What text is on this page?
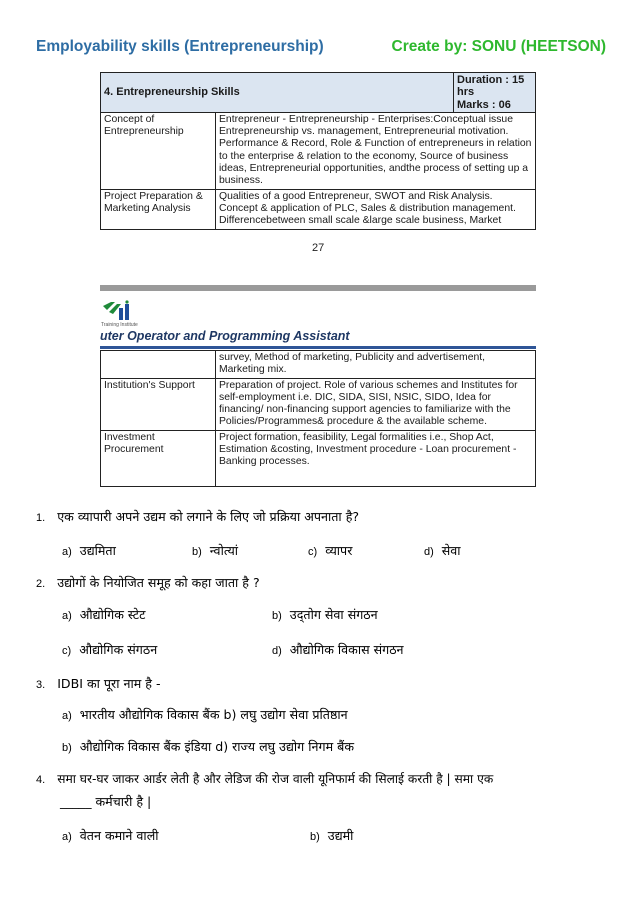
Employability skills (Entrepreneurship)	Create by: SONU (HEETSON)
4. Entrepreneurship Skills		Duration : 15 hrs
Marks : 06

Concept of Entrepreneurship	Entrepreneur - Entrepreneurship - Enterprises:Conceptual issue Entrepreneurship vs. management, Entrepreneurial motivation. Performance & Record, Role & Function of entrepreneurs in relation to the enterprise & relation to the economy, Source of business ideas, Entrepreneurial opportunities, andthe process of setting up a business.	
Project Preparation & Marketing Analysis	Qualities of a good Entrepreneur, SWOT and Risk Analysis. Concept & application of PLC, Sales & distribution management. Differencebetween small scale &large scale business, Market	
27
Training Institute
uter Operator and Programming Assistant
	survey, Method of marketing, Publicity and advertisement, Marketing mix.
Institution's Support	Preparation of project. Role of various schemes and Institutes for self-employment i.e. DIC, SIDA, SISI, NSIC, SIDO, Idea for financing/ non-financing support agencies to familiarize with the Policies/Programmes& procedure & the available scheme.
Investment Procurement	Project formation, feasibility, Legal formalities i.e., Shop Act, Estimation &costing, Investment procedure - Loan procurement - Banking processes.
1. एक व्यापारी अपने उद्यम को लगाने के लिए जो प्रक्रिया अपनाता है?
a) उद्यमिता	b) न्वोत्यां	c) व्यापर	d) सेवा
2. उद्योगों के नियोजित समूह को कहा जाता है ?
a) औद्योगिक स्टेट	b) उद्तोग सेवा संगठन
c) औद्योगिक संगठन	d) औद्योगिक विकास संगठन
3. IDBI का पूरा नाम है -
a) भारतीय औद्योगिक विकास बैंक b) लघु उद्योग सेवा प्रतिष्ठान
b) औद्योगिक विकास बैंक इंडिया d) राज्य लघु उद्योग निगम बैंक
4. समा घर-घर जाकर आर्डर लेती है और लेडिज की रोज वाली यूनिफार्म की सिलाई करती है | समा एक
_____ कर्मचारी है |
a) वेतन कमाने वाली	b) उद्यमी
